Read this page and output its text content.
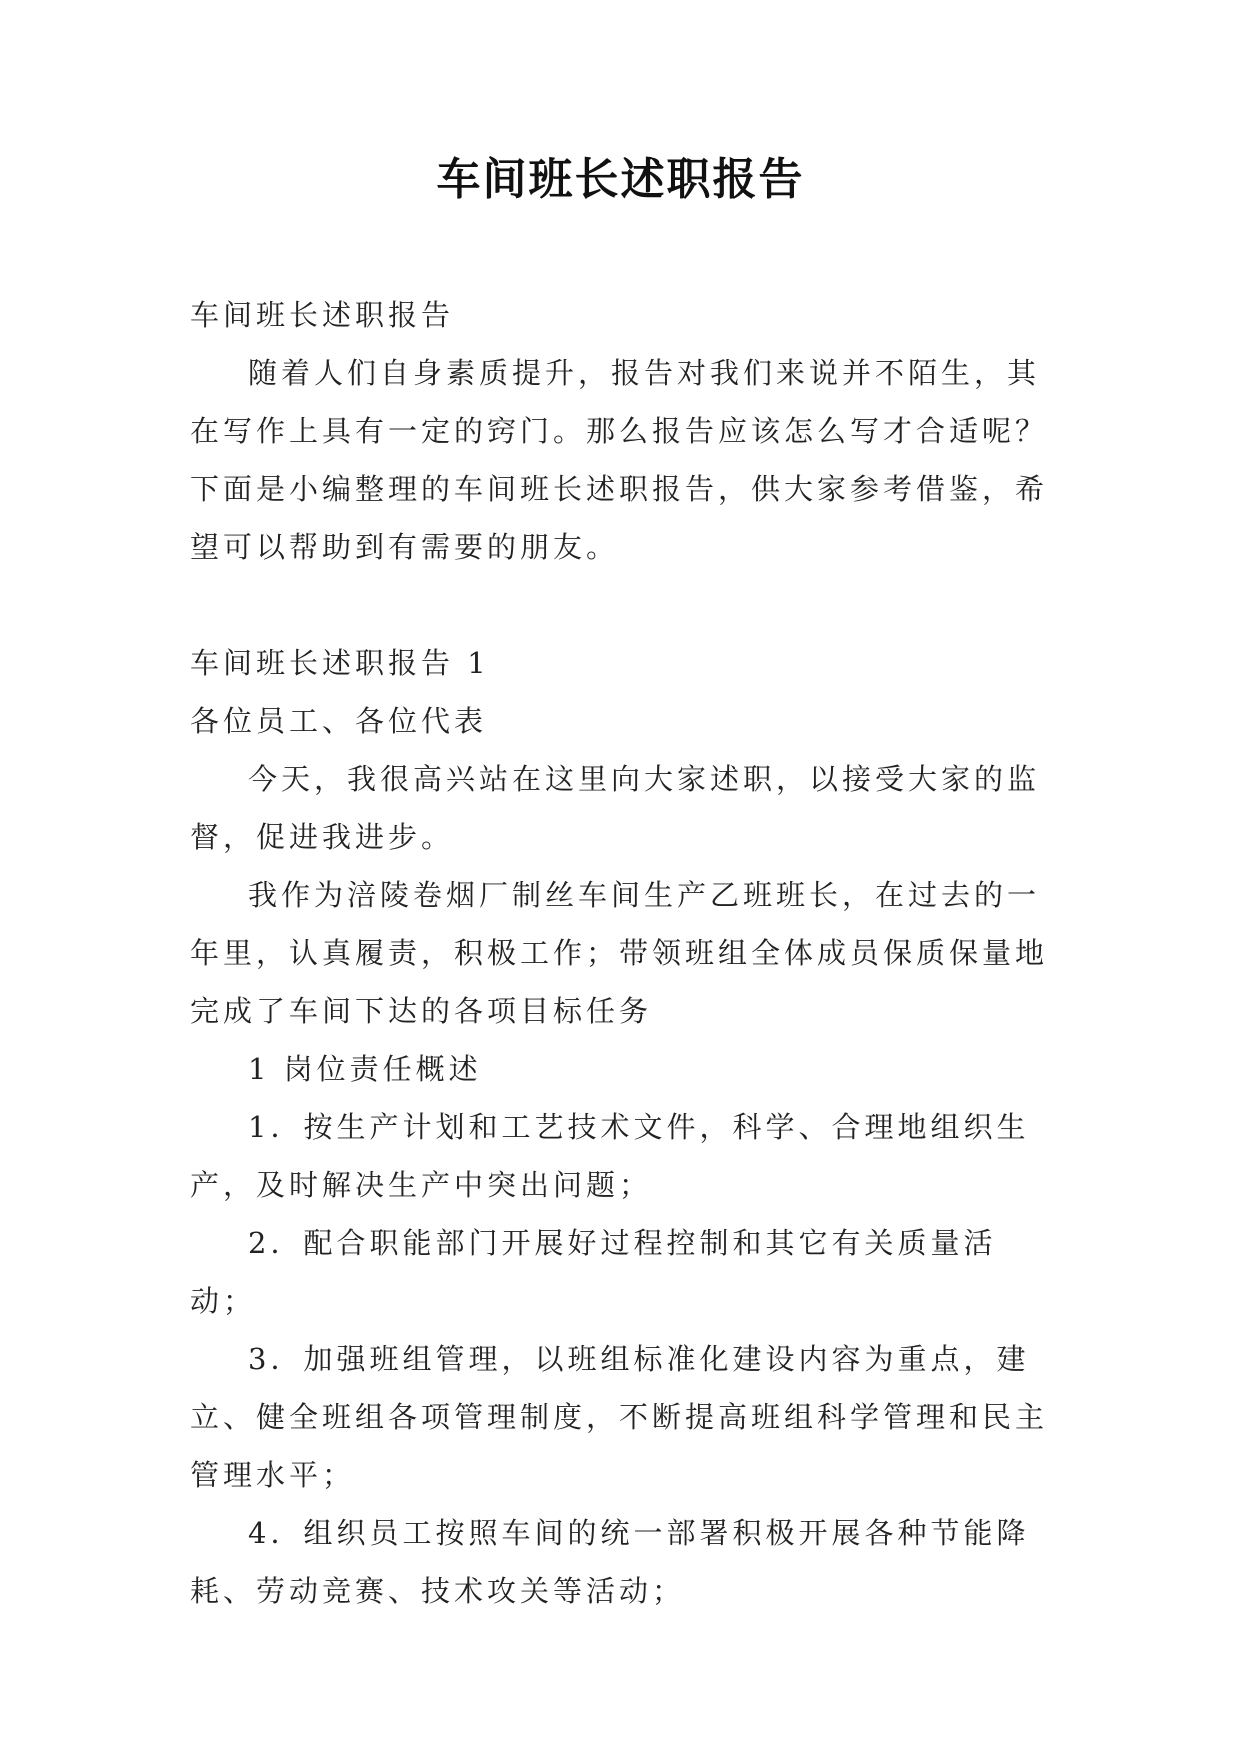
车间班长述职报告

车间班长述职报告

随着人们自身素质提升，报告对我们来说并不陌生，其在写作上具有一定的窍门。那么报告应该怎么写才合适呢？下面是小编整理的车间班长述职报告，供大家参考借鉴，希望可以帮助到有需要的朋友。

车间班长述职报告 1

各位员工、各位代表

今天，我很高兴站在这里向大家述职，以接受大家的监督，促进我进步。

我作为涪陵卷烟厂制丝车间生产乙班班长，在过去的一年里，认真履责，积极工作；带领班组全体成员保质保量地完成了车间下达的各项目标任务

1 岗位责任概述

1．按生产计划和工艺技术文件，科学、合理地组织生产，及时解决生产中突出问题；

2．配合职能部门开展好过程控制和其它有关质量活动；

3．加强班组管理，以班组标准化建设内容为重点，建立、健全班组各项管理制度，不断提高班组科学管理和民主管理水平；

4．组织员工按照车间的统一部署积极开展各种节能降耗、劳动竞赛、技术攻关等活动；
